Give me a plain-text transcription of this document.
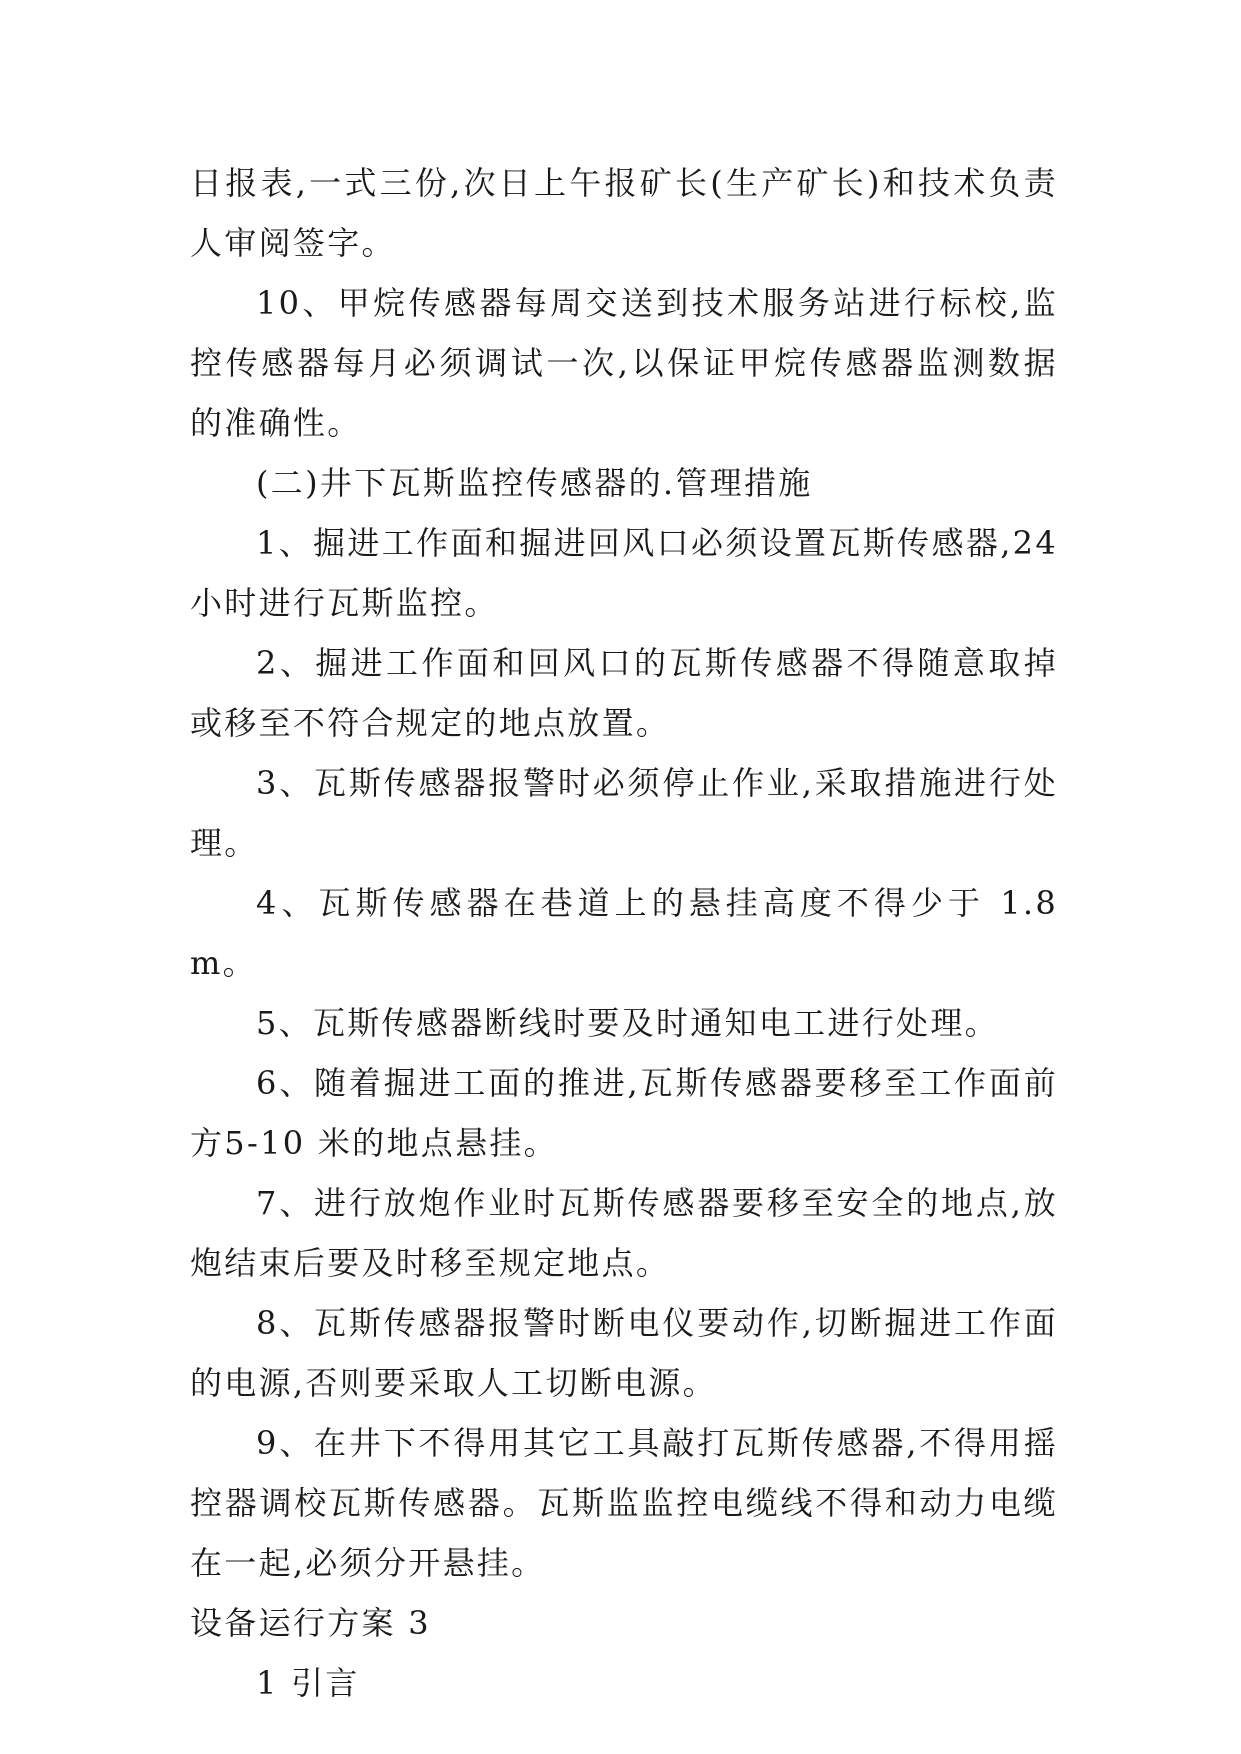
日报表,一式三份,次日上午报矿长(生产矿长)和技术负责人审阅签字。

10、甲烷传感器每周交送到技术服务站进行标校,监控传感器每月必须调试一次,以保证甲烷传感器监测数据的准确性。

(二)井下瓦斯监控传感器的.管理措施

1、掘进工作面和掘进回风口必须设置瓦斯传感器,24 小时进行瓦斯监控。

2、掘进工作面和回风口的瓦斯传感器不得随意取掉或移至不符合规定的地点放置。

3、瓦斯传感器报警时必须停止作业,采取措施进行处理。

4、瓦斯传感器在巷道上的悬挂高度不得少于 1.8m。

5、瓦斯传感器断线时要及时通知电工进行处理。

6、随着掘进工面的推进,瓦斯传感器要移至工作面前方5-10 米的地点悬挂。

7、进行放炮作业时瓦斯传感器要移至安全的地点,放炮结束后要及时移至规定地点。

8、瓦斯传感器报警时断电仪要动作,切断掘进工作面的电源,否则要采取人工切断电源。

9、在井下不得用其它工具敲打瓦斯传感器,不得用摇控器调校瓦斯传感器。瓦斯监监控电缆线不得和动力电缆在一起,必须分开悬挂。

设备运行方案 3

1 引言
